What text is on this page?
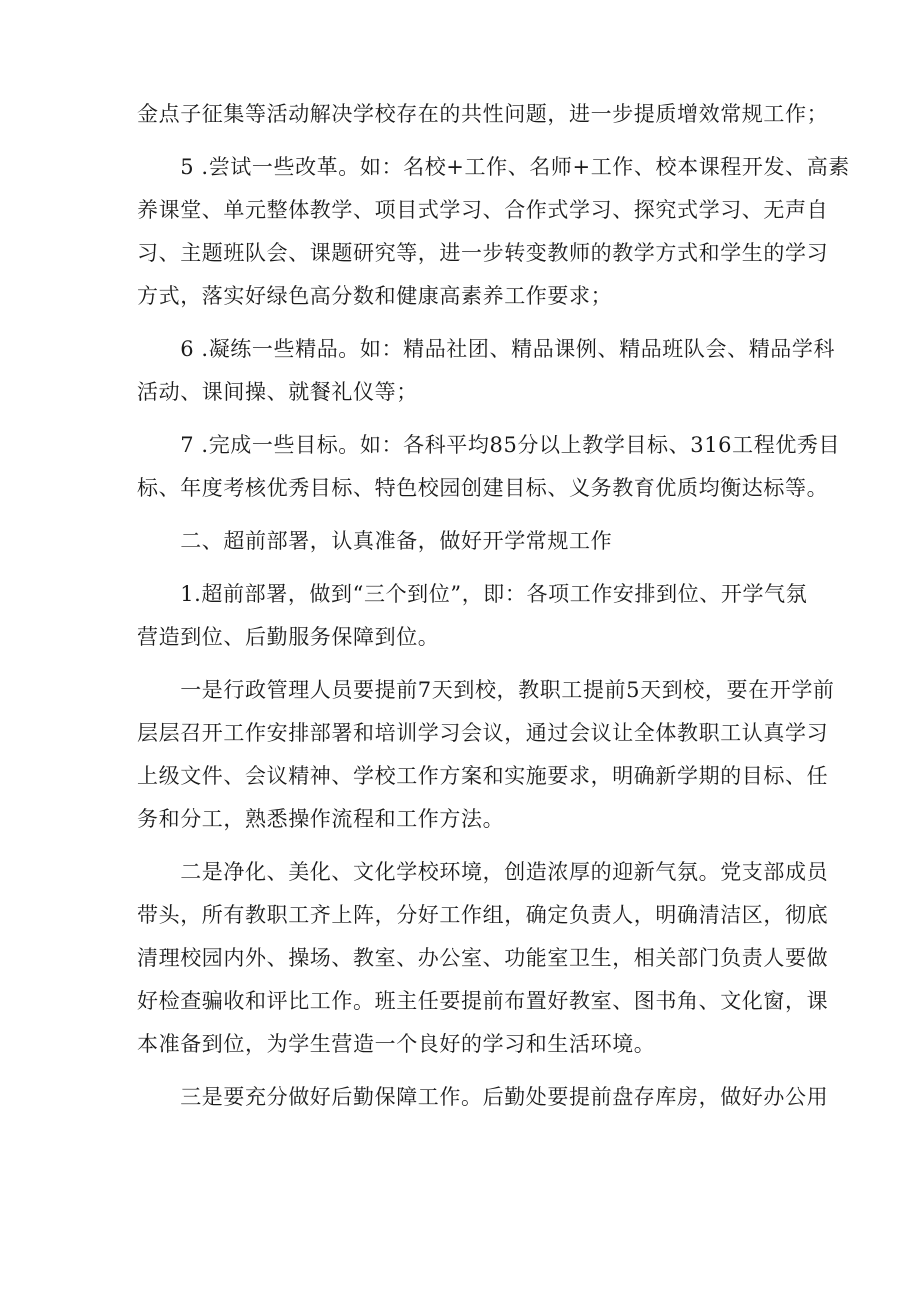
金点子征集等活动解决学校存在的共性问题，进一步提质增效常规工作；
　　5 .尝试一些改革。如：名校+工作、名师+工作、校本课程开发、高素
养课堂、单元整体教学、项目式学习、合作式学习、探究式学习、无声自
习、主题班队会、课题研究等，进一步转变教师的教学方式和学生的学习
方式，落实好绿色高分数和健康高素养工作要求；
　　6 .凝练一些精品。如：精品社团、精品课例、精品班队会、精品学科
活动、课间操、就餐礼仪等；
　　7 .完成一些目标。如：各科平均85分以上教学目标、316工程优秀目
标、年度考核优秀目标、特色校园创建目标、义务教育优质均衡达标等。
　　二、超前部署，认真准备，做好开学常规工作
　　1.超前部署，做到“三个到位”，即：各项工作安排到位、开学气氛
营造到位、后勤服务保障到位。
　　一是行政管理人员要提前7天到校，教职工提前5天到校，要在开学前
层层召开工作安排部署和培训学习会议，通过会议让全体教职工认真学习
上级文件、会议精神、学校工作方案和实施要求，明确新学期的目标、任
务和分工，熟悉操作流程和工作方法。
　　二是净化、美化、文化学校环境，创造浓厚的迎新气氛。党支部成员
带头，所有教职工齐上阵，分好工作组，确定负责人，明确清洁区，彻底
清理校园内外、操场、教室、办公室、功能室卫生，相关部门负责人要做
好检查骗收和评比工作。班主任要提前布置好教室、图书角、文化窗，课
本准备到位，为学生营造一个良好的学习和生活环境。
　　三是要充分做好后勤保障工作。后勤处要提前盘存库房，做好办公用
